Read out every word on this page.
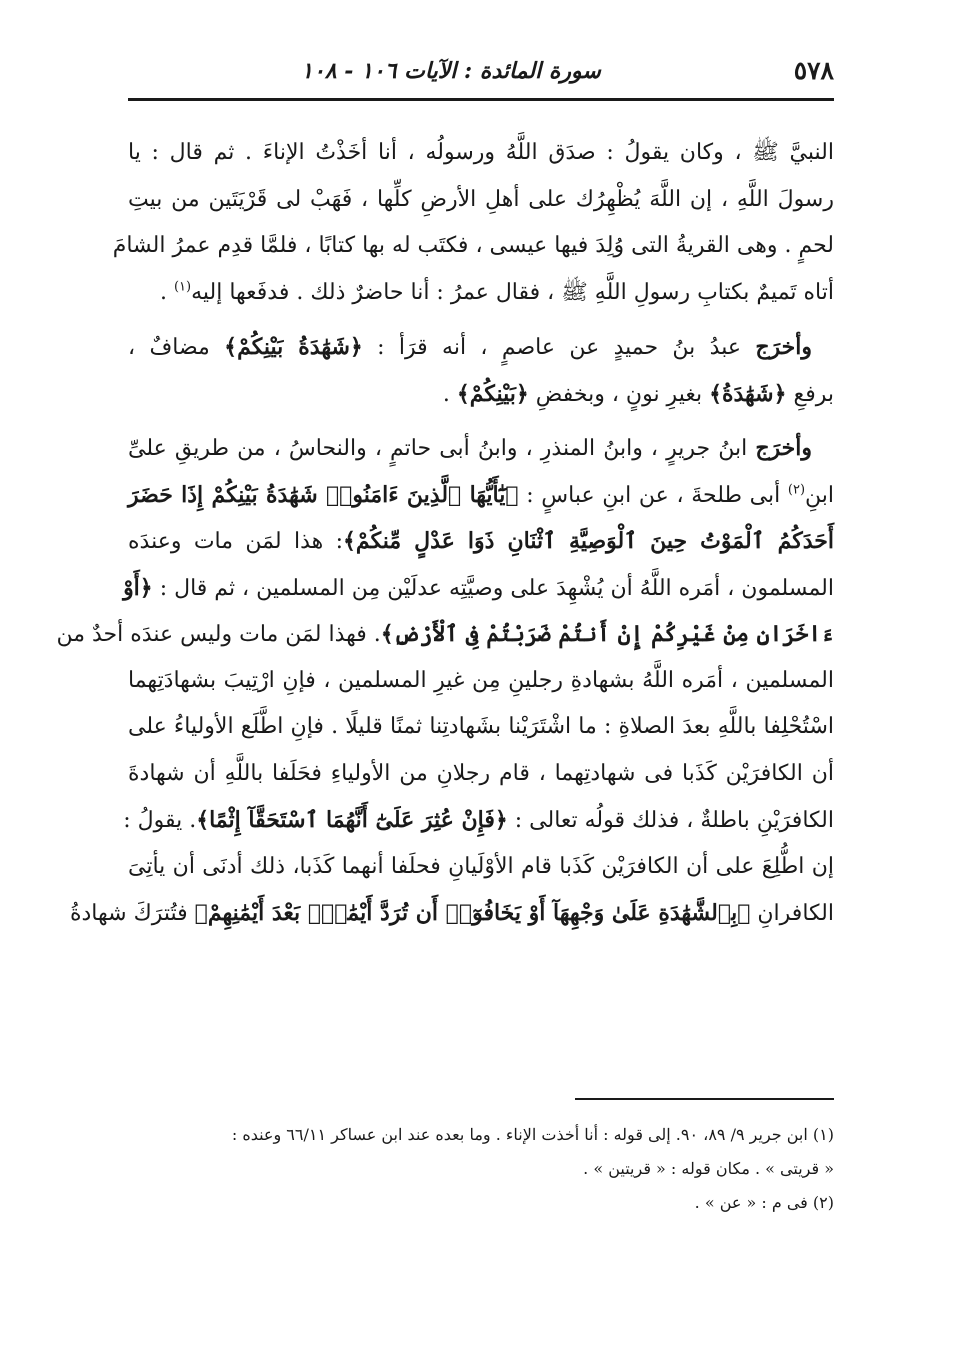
٥٧٨
سورة المائدة : الآيات ١٠٦ - ١٠٨
النبيَّ ﷺ ، وكان يقولُ : صدَق اللَّهُ ورسولُه ، أنا أخَذْتُ الإناءَ . ثم قال : يا
رسولَ اللَّهِ ، إن اللَّهَ يُظْهِرُك على أهلِ الأرضِ كلِّها ، فَهَبْ لى قَرْيَتَين من بيتِ
لحمٍ . وهى القريةُ التى وُلِدَ فيها عيسى ، فكتَب له بها كتابًا ، فلمَّا قدِم عمرُ الشامَ
أتاه تَميمٌ بكتابِ رسولِ اللَّهِ ﷺ ، فقال عمرُ : أنا حاضرٌ ذلك . فدفَعها إليه$^{(١)}$ .
 وأخرَج عبدُ بنُ حميدٍ عن عاصمٍ ، أنه قرَأ : ﴿شَهَٰدَةُ بَيْنِكُمْ﴾ مضافٌ ،
برفعِ ﴿شَهَٰدَةُ﴾ بغيرِ نونٍ ، وبخفضِ ﴿بَيْنِكُمْ﴾ .
 وأخرَج ابنُ جريرٍ ، وابنُ المنذرِ ، وابنُ أبى حاتمٍ ، والنحاسُ ، من طريقِ علىِّ
ابنِ$^{(٢)}$ أبى طلحةَ ، عن ابنِ عباسٍ : ﴿يَٰٓأَيُّهَا ٱلَّذِينَ ءَامَنُوا۟ شَهَٰدَةُ بَيْنِكُمْ إِذَا حَضَرَ
أَحَدَكُمُ ٱلْمَوْتُ حِينَ ٱلْوَصِيَّةِ ٱثْنَانِ ذَوَا عَدْلٍ مِّنكُمْ﴾: هذا لمَن مات وعندَه
المسلمون ، أمَره اللَّهُ أن يُشْهِدَ على وصيَّتِه عدلَيْن مِن المسلمين ، ثم قال : ﴿أَوْ
ءَاخَرَانِ مِنْ غَيْرِكُمْ إِنْ أَنتُمْ ضَرَبْتُمْ فِى ٱلْأَرْضِ﴾. فهذا لمَن مات وليس عندَه أحدٌ من
المسلمين ، أمَره اللَّهُ بشهادةِ رجلينِ مِن غيرِ المسلمين ، فإنِ ارْتِيبَ بشهادَتِهما
اسْتُحْلِفا باللَّهِ بعدَ الصلاةِ : ما اشْتَرَيْنا بشَهادتِنا ثمنًا قليلًا . فإنِ اطَّلَع الأولياءُ على
أن الكافرَيْن كَذَبا فى شهادتِهما ، قام رجلانِ من الأولياءِ فحَلَفا باللَّهِ أن شهادةَ
الكافرَيْنِ باطلةٌ ، فذلك قولُه تعالى : ﴿فَإِنْ عُثِرَ عَلَىٰٓ أَنَّهُمَا ٱسْتَحَقَّآ إِثْمًا﴾. يقولُ :
إن اطُّلِعَ على أن الكافرَيْن كَذَبا قام الأوْلَيانِ فحلَفا أنهما كَذَبا، ذلك أدنَى أن يأتِىَ
الكافرانِ ﴿بِٱلشَّهَٰدَةِ عَلَىٰ وَجْهِهَآ أَوْ يَخَافُوٓا۟ أَن تُرَدَّ أَيْمَٰنٌۢ بَعْدَ أَيْمَٰنِهِمْ﴾ فتُترَكَ شهادةُ
(١) ابن جرير ٩/ ٨٩، ٩٠. إلى قوله : أنا أخذت الإناء . وما بعده عند ابن عساكر ٦٦/١١ وعنده :
« قريتى » . مكان قوله : « قريتين » .
(٢) فى م : « عن » .
